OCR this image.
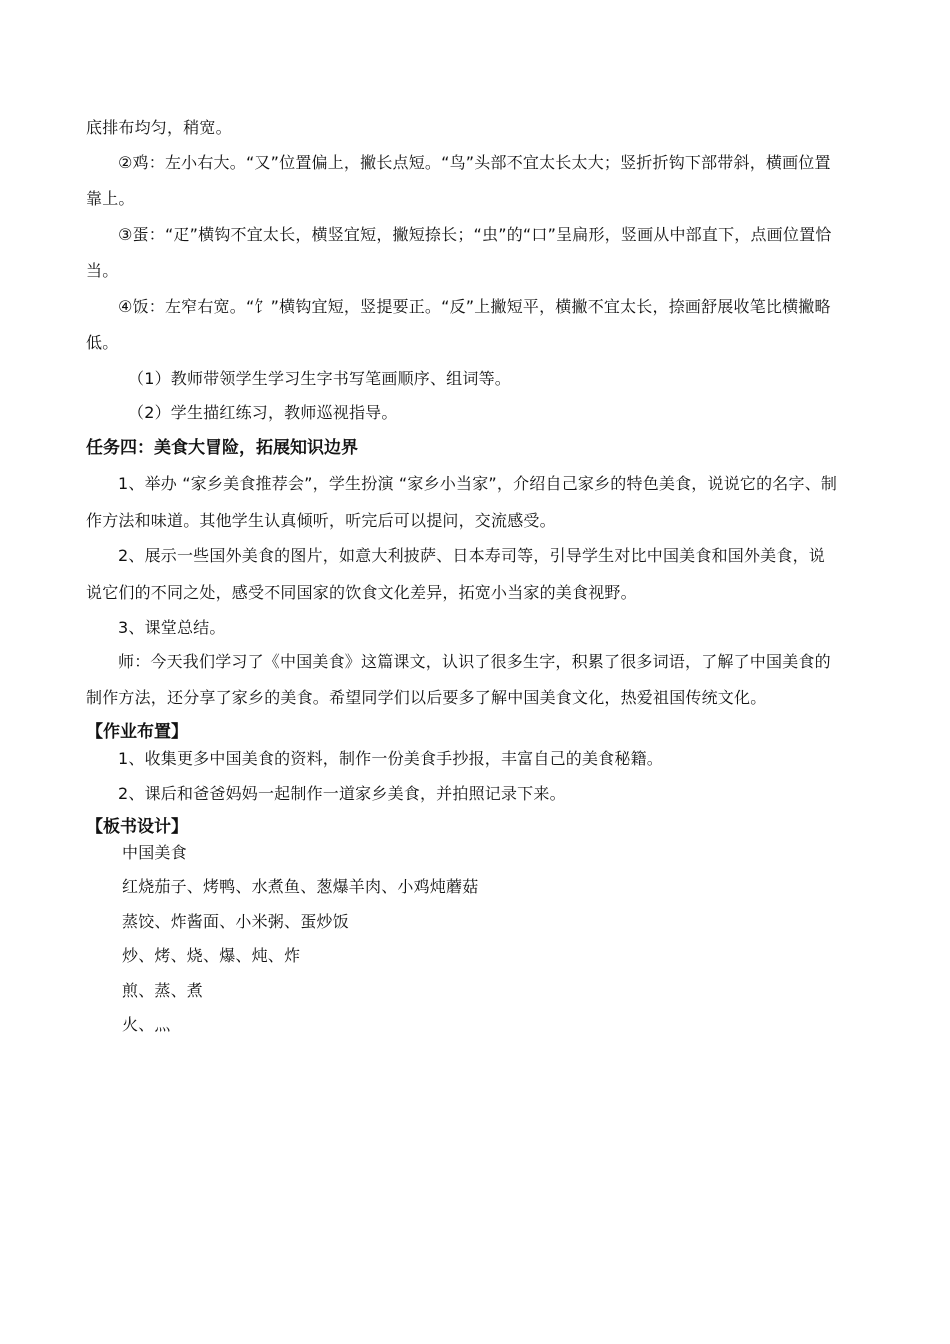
底排布均匀，稍宽。
②鸡：左小右大。“又”位置偏上，撇长点短。“鸟”头部不宜太长太大；竖折折钩下部带斜，横画位置
靠上。
③蛋：“疋”横钩不宜太长，横竖宜短，撇短捺长；“虫”的“口”呈扁形，竖画从中部直下，点画位置恰
当。
④饭：左窄右宽。“饣”横钩宜短，竖提要正。“反”上撇短平，横撇不宜太长，捺画舒展收笔比横撇略
低。
（1）教师带领学生学习生字书写笔画顺序、组词等。
（2）学生描红练习，教师巡视指导。
任务四：美食大冒险，拓展知识边界
1、举办 “家乡美食推荐会”，学生扮演 “家乡小当家”，介绍自己家乡的特色美食，说说它的名字、制
作方法和味道。其他学生认真倾听，听完后可以提问，交流感受。
2、展示一些国外美食的图片，如意大利披萨、日本寿司等，引导学生对比中国美食和国外美食，说
说它们的不同之处，感受不同国家的饮食文化差异，拓宽小当家的美食视野。
3、课堂总结。
师：今天我们学习了《中国美食》这篇课文，认识了很多生字，积累了很多词语，了解了中国美食的
制作方法，还分享了家乡的美食。希望同学们以后要多了解中国美食文化，热爱祖国传统文化。
【作业布置】
1、收集更多中国美食的资料，制作一份美食手抄报，丰富自己的美食秘籍。
2、课后和爸爸妈妈一起制作一道家乡美食，并拍照记录下来。
【板书设计】
中国美食
红烧茄子、烤鸭、水煮鱼、葱爆羊肉、小鸡炖蘑菇
蒸饺、炸酱面、小米粥、蛋炒饭
炒、烤、烧、爆、炖、炸
煎、蒸、煮
火、灬
